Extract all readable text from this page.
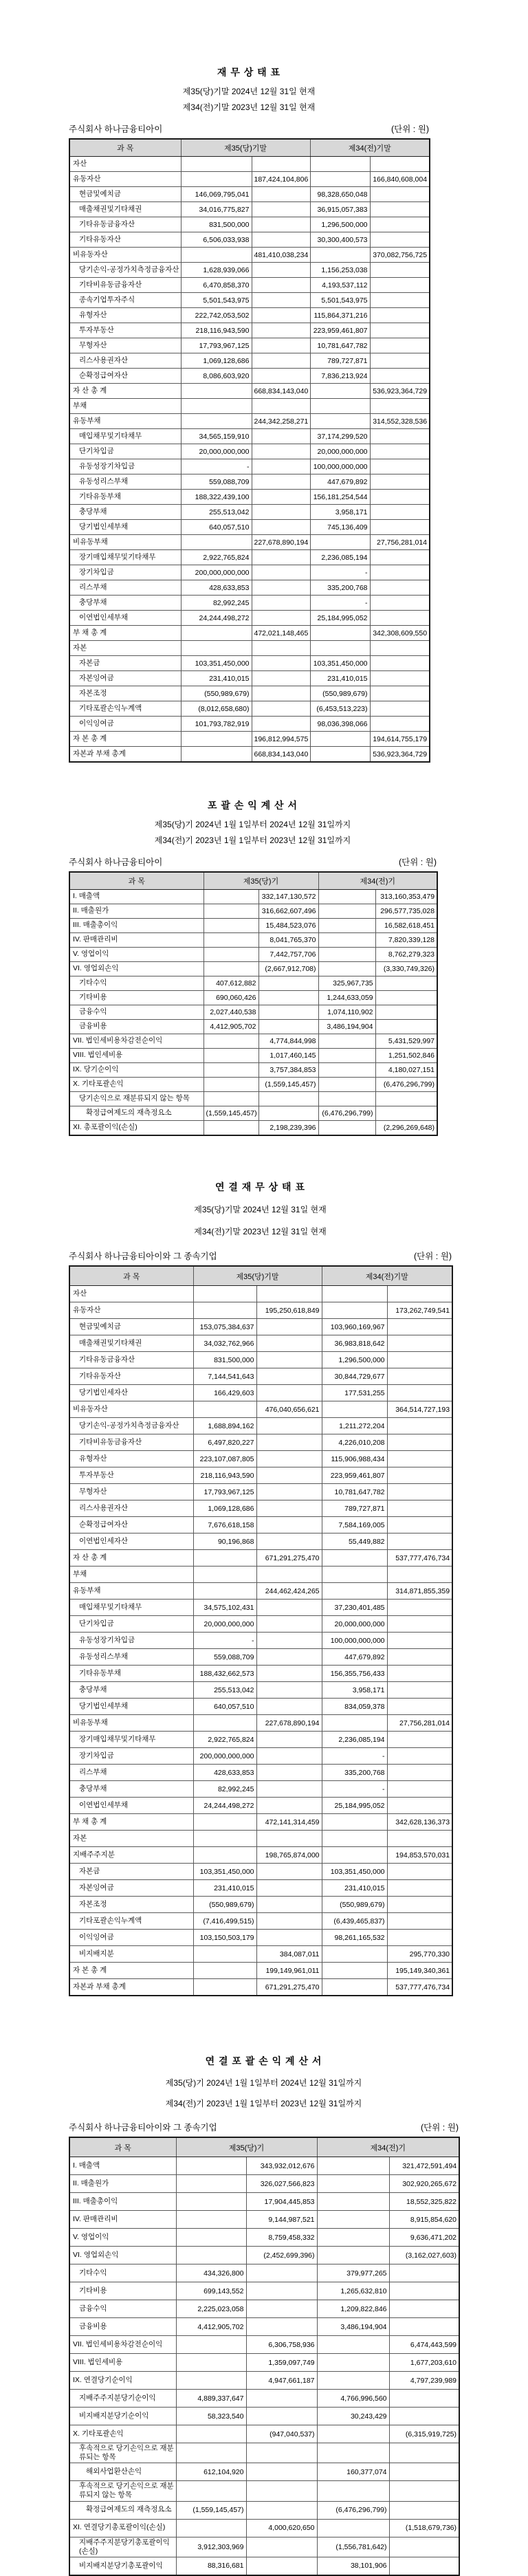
재 무 상 태 표
제35(당)기말 2024년 12월 31일 현재
제34(전)기말 2023년 12월 31일 현재
주식회사 하나금융티아이	(단위 : 원)
과 목	제35(당)기말		제34(전)기말	
자산				
유동자산		187,424,104,806		166,840,608,004
현금및예치금	146,069,795,041		98,328,650,048	
매출채권및기타채권	34,016,775,827		36,915,057,383	
기타유동금융자산	831,500,000		1,296,500,000	
기타유동자산	6,506,033,938		30,300,400,573	
비유동자산		481,410,038,234		370,082,756,725
당기손익-공정가치측정금융자산	1,628,939,066		1,156,253,038	
기타비유동금융자산	6,470,858,370		4,193,537,112	
종속기업투자주식	5,501,543,975		5,501,543,975	
유형자산	222,742,053,502		115,864,371,216	
투자부동산	218,116,943,590		223,959,461,807	
무형자산	17,793,967,125		10,781,647,782	
리스사용권자산	1,069,128,686		789,727,871	
순확정급여자산	8,086,603,920		7,836,213,924	
자 산 총 계		668,834,143,040		536,923,364,729
부채				
유동부채		244,342,258,271		314,552,328,536
매입채무및기타채무	34,565,159,910		37,174,299,520	
단기차입금	20,000,000,000		20,000,000,000	
유동성장기차입금	-		100,000,000,000	
유동성리스부채	559,088,709		447,679,892	
기타유동부채	188,322,439,100		156,181,254,544	
충당부채	255,513,042		3,958,171	
당기법인세부채	640,057,510		745,136,409	
비유동부채		227,678,890,194		27,756,281,014
장기매입채무및기타채무	2,922,765,824		2,236,085,194	
장기차입금	200,000,000,000		-	
리스부채	428,633,853		335,200,768	
충당부채	82,992,245		-	
이연법인세부채	24,244,498,272		25,184,995,052	
부 채 총 계		472,021,148,465		342,308,609,550
자본				
자본금	103,351,450,000		103,351,450,000	
자본잉여금	231,410,015		231,410,015	
자본조정	(550,989,679)		(550,989,679)	
기타포괄손익누계액	(8,012,658,680)		(6,453,513,223)	
이익잉여금	101,793,782,919		98,036,398,066	
자 본 총 계		196,812,994,575		194,614,755,179
자본과 부채 총계		668,834,143,040		536,923,364,729
포 괄 손 익 계 산 서
제35(당)기 2024년 1월 1일부터 2024년 12월 31일까지
제34(전)기 2023년 1월 1일부터 2023년 12월 31일까지
주식회사 하나금융티아이	(단위 : 원)
과 목	제35(당)기		제34(전)기	
I. 매출액		332,147,130,572		313,160,353,479
II. 매출원가		316,662,607,496		296,577,735,028
III. 매출총이익		15,484,523,076		16,582,618,451
IV. 판매관리비		8,041,765,370		7,820,339,128
V. 영업이익		7,442,757,706		8,762,279,323
VI. 영업외손익		(2,667,912,708)		(3,330,749,326)
기타수익	407,612,882		325,967,735	
기타비용	690,060,426		1,244,633,059	
금융수익	2,027,440,538		1,074,110,902	
금융비용	4,412,905,702		3,486,194,904	
VII. 법인세비용차감전순이익		4,774,844,998		5,431,529,997
VIII. 법인세비용		1,017,460,145		1,251,502,846
IX. 당기순이익		3,757,384,853		4,180,027,151
X. 기타포괄손익		(1,559,145,457)		(6,476,296,799)
당기손익으로 재분류되지 않는 항목				
확정급여제도의 재측정요소	(1,559,145,457)		(6,476,296,799)	
XI. 총포괄이익(손실)		2,198,239,396		(2,296,269,648)
연 결 재 무 상 태 표
제35(당)기말 2024년 12월 31일 현재
제34(전)기말 2023년 12월 31일 현재
주식회사 하나금융티아이와 그 종속기업	(단위 : 원)
과 목	제35(당)기말		제34(전)기말	
자산				
유동자산		195,250,618,849		173,262,749,541
현금및예치금	153,075,384,637		103,960,169,967	
매출채권및기타채권	34,032,762,966		36,983,818,642	
기타유동금융자산	831,500,000		1,296,500,000	
기타유동자산	7,144,541,643		30,844,729,677	
당기법인세자산	166,429,603		177,531,255	
비유동자산		476,040,656,621		364,514,727,193
당기손익-공정가치측정금융자산	1,688,894,162		1,211,272,204	
기타비유동금융자산	6,497,820,227		4,226,010,208	
유형자산	223,107,087,805		115,906,988,434	
투자부동산	218,116,943,590		223,959,461,807	
무형자산	17,793,967,125		10,781,647,782	
리스사용권자산	1,069,128,686		789,727,871	
순확정급여자산	7,676,618,158		7,584,169,005	
이연법인세자산	90,196,868		55,449,882	
자 산 총 계		671,291,275,470		537,777,476,734
부채				
유동부채		244,462,424,265		314,871,855,359
매입채무및기타채무	34,575,102,431		37,230,401,485	
단기차입금	20,000,000,000		20,000,000,000	
유동성장기차입금	-		100,000,000,000	
유동성리스부채	559,088,709		447,679,892	
기타유동부채	188,432,662,573		156,355,756,433	
충당부채	255,513,042		3,958,171	
당기법인세부채	640,057,510		834,059,378	
비유동부채		227,678,890,194		27,756,281,014
장기매입채무및기타채무	2,922,765,824		2,236,085,194	
장기차입금	200,000,000,000		-	
리스부채	428,633,853		335,200,768	
충당부채	82,992,245		-	
이연법인세부채	24,244,498,272		25,184,995,052	
부 채 총 계		472,141,314,459		342,628,136,373
자본				
지배주주지분		198,765,874,000		194,853,570,031
자본금	103,351,450,000		103,351,450,000	
자본잉여금	231,410,015		231,410,015	
자본조정	(550,989,679)		(550,989,679)	
기타포괄손익누계액	(7,416,499,515)		(6,439,465,837)	
이익잉여금	103,150,503,179		98,261,165,532	
비지배지분		384,087,011		295,770,330
자 본 총 계		199,149,961,011		195,149,340,361
자본과 부채 총계		671,291,275,470		537,777,476,734
연 결 포 괄 손 익 계 산 서
제35(당)기 2024년 1월 1일부터 2024년 12월 31일까지
제34(전)기 2023년 1월 1일부터 2023년 12월 31일까지
주식회사 하나금융티아이와 그 종속기업	(단위 : 원)
과 목	제35(당)기		제34(전)기	
I. 매출액		343,932,012,676		321,472,591,494
II. 매출원가		326,027,566,823		302,920,265,672
III. 매출총이익		17,904,445,853		18,552,325,822
IV. 판매관리비		9,144,987,521		8,915,854,620
V. 영업이익		8,759,458,332		9,636,471,202
VI. 영업외손익		(2,452,699,396)		(3,162,027,603)
기타수익	434,326,800		379,977,265	
기타비용	699,143,552		1,265,632,810	
금융수익	2,225,023,058		1,209,822,846	
금융비용	4,412,905,702		3,486,194,904	
VII. 법인세비용차감전순이익		6,306,758,936		6,474,443,599
VIII. 법인세비용		1,359,097,749		1,677,203,610
IX. 연결당기순이익		4,947,661,187		4,797,239,989
지배주주지분당기순이익	4,889,337,647		4,766,996,560	
비지배지분당기순이익	58,323,540		30,243,429	
X. 기타포괄손익		(947,040,537)		(6,315,919,725)
후속적으로 당기손익으로 재분류되는 항목				
해외사업환산손익	612,104,920		160,377,074	
후속적으로 당기손익으로 재분류되지 않는 항목				
확정급여제도의 재측정요소	(1,559,145,457)		(6,476,296,799)	
XI. 연결당기총포괄이익(손실)		4,000,620,650		(1,518,679,736)
지배주주지분당기총포괄이익(손실)	3,912,303,969		(1,556,781,642)	
비지배지분당기총포괄이익	88,316,681		38,101,906	
